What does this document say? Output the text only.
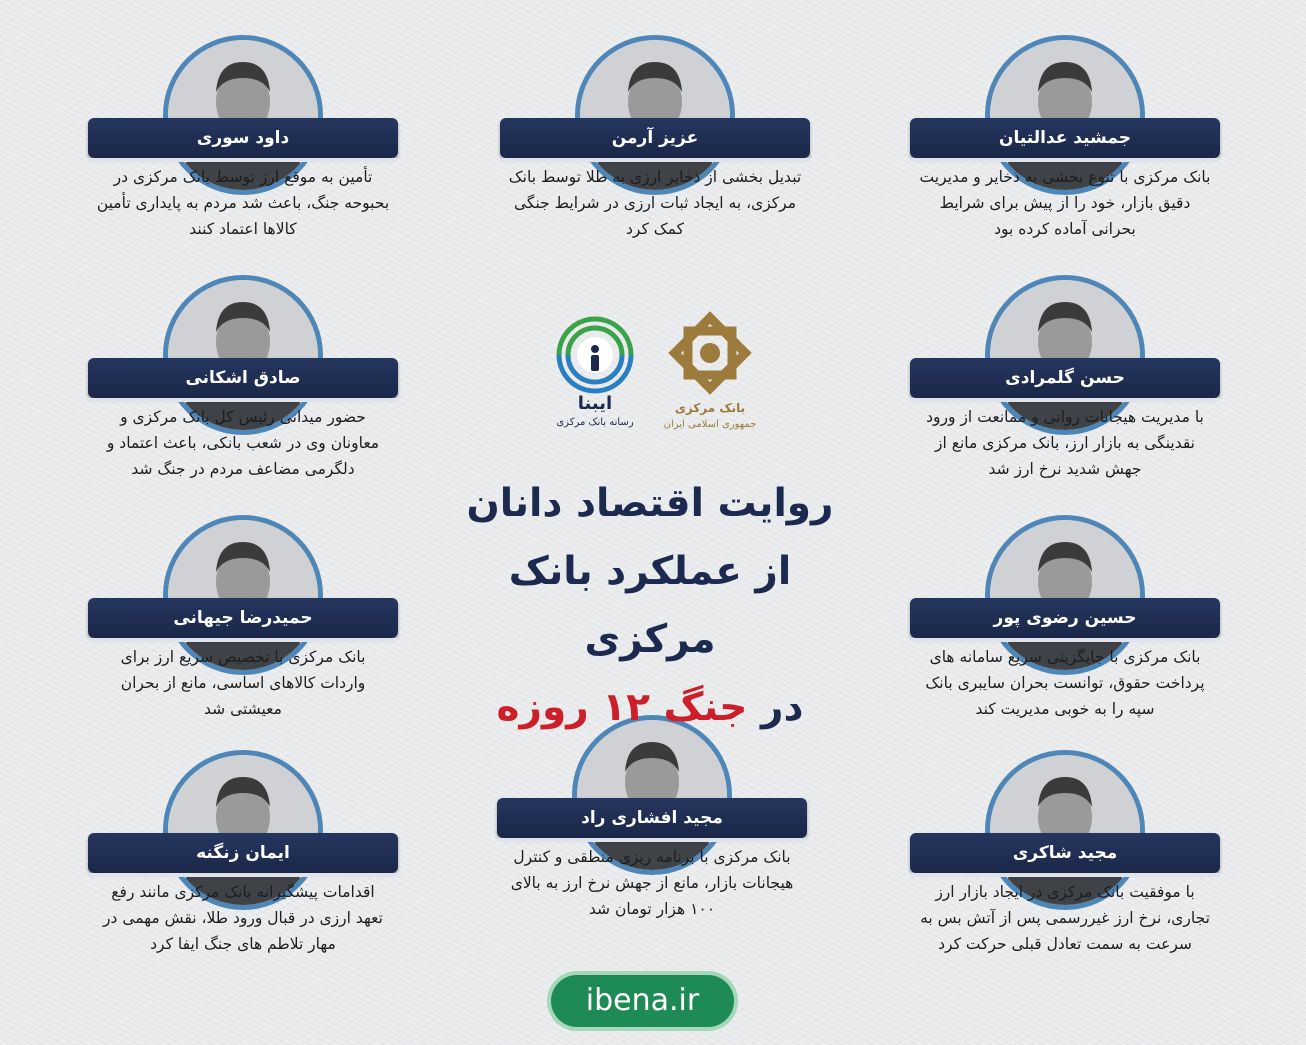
جمشید عدالتیان
بانک مرکزی با تنوع بخشی به ذخایر و مدیریت دقیق بازار، خود را از پیش برای شرایط بحرانی آماده کرده بود
عزیز آرمن
تبدیل بخشی از ذخایر ارزی به طلا توسط بانک مرکزی، به ایجاد ثبات ارزی در شرایط جنگی کمک کرد
داود سوری
تأمین به موقع ارز توسط بانک مرکزی در بحبوحه جنگ، باعث شد مردم به پایداری تأمین کالاها اعتماد کنند
حسن گلمرادی
با مدیریت هیجانات روانی و ممانعت از ورود نقدینگی به بازار ارز، بانک مرکزی مانع از جهش شدید نرخ ارز شد
صادق اشکانی
حضور میدانی رئیس کل بانک مرکزی و معاونان وی در شعب بانکی، باعث اعتماد و دلگرمی مضاعف مردم در جنگ شد
حسین رضوی پور
بانک مرکزی با جایگزینی سریع سامانه های پرداخت حقوق، توانست بحران سایبری بانک سپه را به خوبی مدیریت کند
حمیدرضا جیهانی
بانک مرکزی با تخصیص سریع ارز برای واردات کالاهای اساسی، مانع از بحران معیشتی شد
مجید شاکری
با موفقیت بانک مرکزی در ایجاد بازار ارز تجاری، نرخ ارز غیررسمی پس از آتش بس به سرعت به سمت تعادل قبلی حرکت کرد
مجید افشاری راد
بانک مرکزی با برنامه ریزی منطقی و کنترل هیجانات بازار، مانع از جهش نرخ ارز به بالای ۱۰۰ هزار تومان شد
ایمان زنگنه
اقدامات پیشگیرانه بانک مرکزی مانند رفع تعهد ارزی در قبال ورود طلا، نقش مهمی در مهار تلاطم های جنگ ایفا کرد
ایبنا
رسانه بانک مرکزی
بانک مرکزی
جمهوری اسلامی ایران
روایت اقتصاد دانان
از عملکرد بانک مرکزی
در جنگ ۱۲ روزه
ibena.ir
